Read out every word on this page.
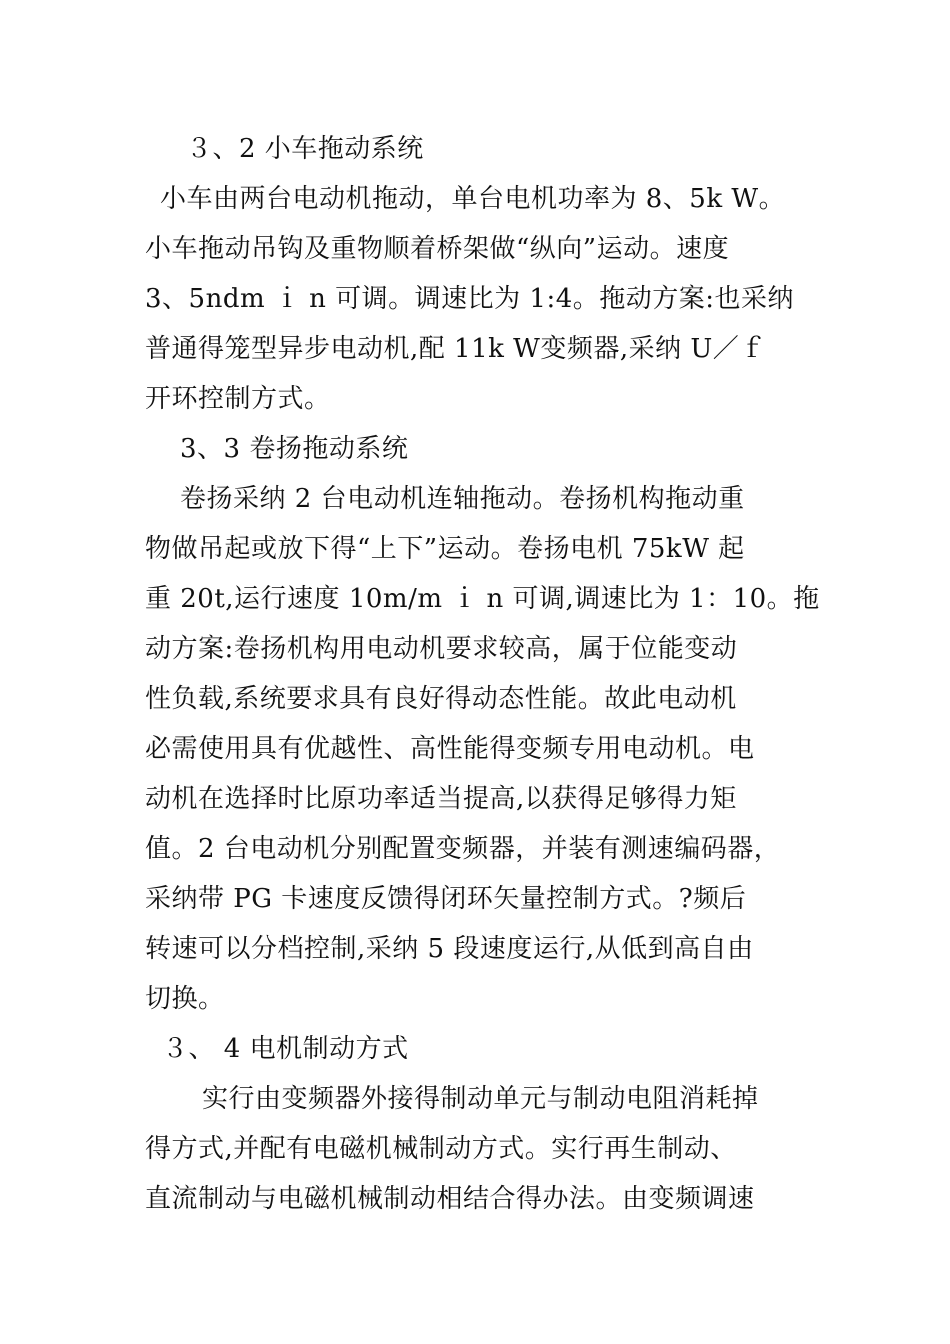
３、2 小车拖动系统
小车由两台电动机拖动，单台电机功率为 8、5k W。
小车拖动吊钩及重物顺着桥架做“纵向”运动。速度
3、5ndm ｉ n 可调。调速比为 1:4。拖动方案:也采纳
普通得笼型异步电动机,配 11k W变频器,采纳 U／ｆ
开环控制方式。
3、3 卷扬拖动系统
卷扬采纳 2 台电动机连轴拖动。卷扬机构拖动重
物做吊起或放下得“上下”运动。卷扬电机 75kW 起
重 20t,运行速度 10m/m ｉ n 可调,调速比为 1：10。拖
动方案:卷扬机构用电动机要求较高，属于位能变动
性负载,系统要求具有良好得动态性能。故此电动机
必需使用具有优越性、高性能得变频专用电动机。电
动机在选择时比原功率适当提高,以获得足够得力矩
值。2 台电动机分别配置变频器，并装有测速编码器，
采纳带 PG 卡速度反馈得闭环矢量控制方式。?频后
转速可以分档控制,采纳 5 段速度运行,从低到高自由
切换。
３、 4 电机制动方式
实行由变频器外接得制动单元与制动电阻消耗掉
得方式,并配有电磁机械制动方式。实行再生制动、
直流制动与电磁机械制动相结合得办法。由变频调速
